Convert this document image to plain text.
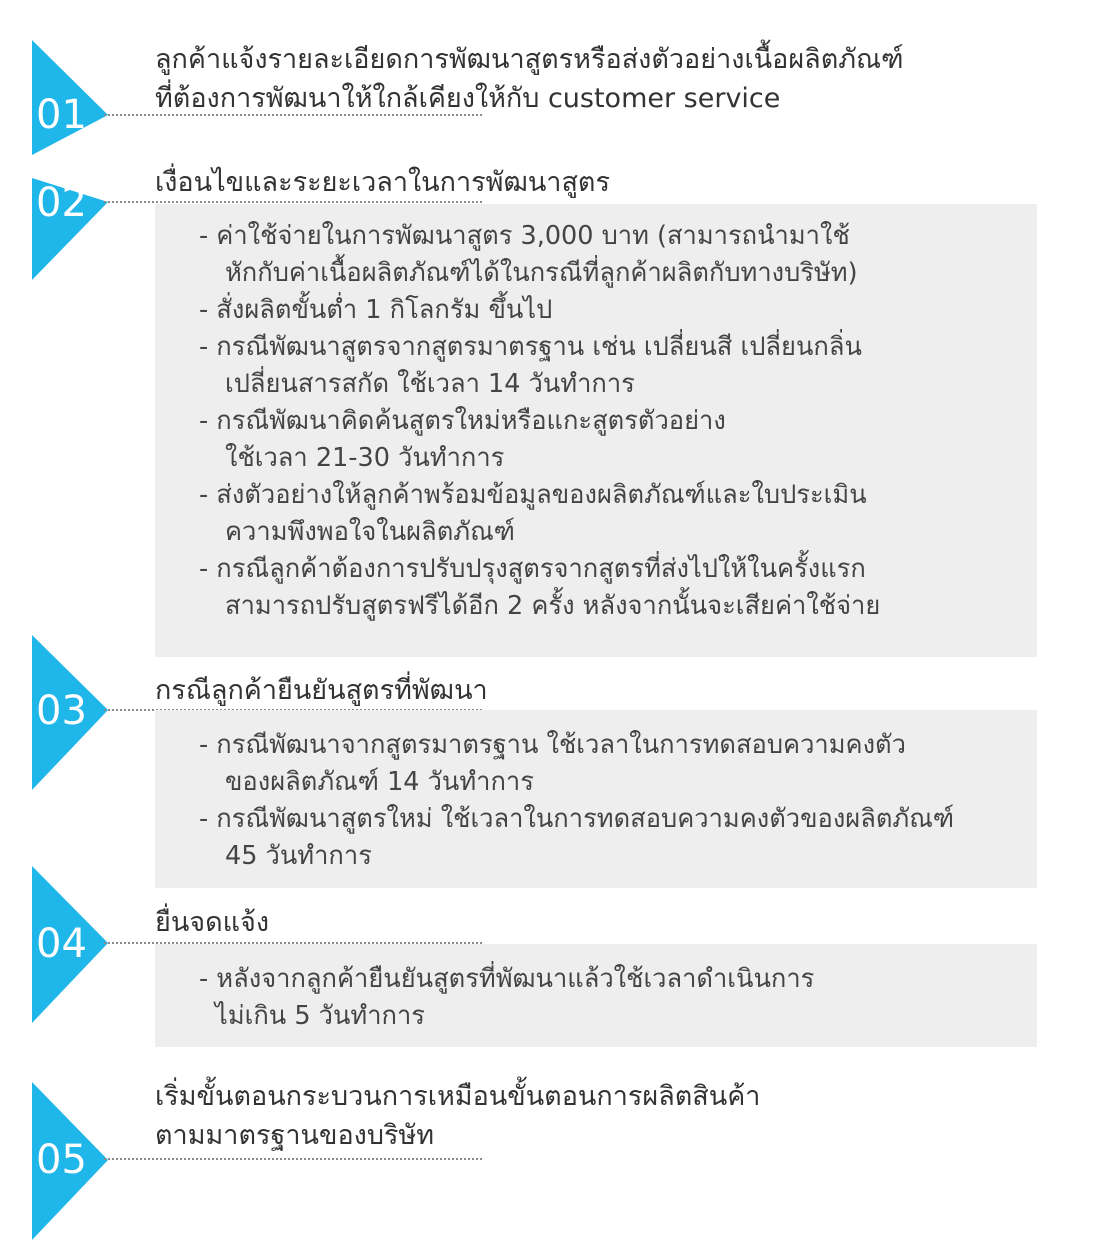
01
ลูกค้าแจ้งรายละเอียดการพัฒนาสูตรหรือส่งตัวอย่างเนื้อผลิตภัณฑ์
ที่ต้องการพัฒนาให้ใกล้เคียงให้กับ customer service
02	เงื่อนไขและระยะเวลาในการพัฒนาสูตร
- ค่าใช้จ่ายในการพัฒนาสูตร 3,000 บาท (สามารถนำมาใช้
หักกับค่าเนื้อผลิตภัณฑ์ได้ในกรณีที่ลูกค้าผลิตกับทางบริษัท)
- สั่งผลิตขั้นต่ำ 1 กิโลกรัม ขึ้นไป
- กรณีพัฒนาสูตรจากสูตรมาตรฐาน เช่น เปลี่ยนสี เปลี่ยนกลิ่น
เปลี่ยนสารสกัด ใช้เวลา 14 วันทำการ
- กรณีพัฒนาคิดค้นสูตรใหม่หรือแกะสูตรตัวอย่าง
ใช้เวลา 21-30 วันทำการ
- ส่งตัวอย่างให้ลูกค้าพร้อมข้อมูลของผลิตภัณฑ์และใบประเมิน
ความพึงพอใจในผลิตภัณฑ์
- กรณีลูกค้าต้องการปรับปรุงสูตรจากสูตรที่ส่งไปให้ในครั้งแรก
สามารถปรับสูตรฟรีได้อีก 2 ครั้ง หลังจากนั้นจะเสียค่าใช้จ่าย
03	กรณีลูกค้ายืนยันสูตรที่พัฒนา
- กรณีพัฒนาจากสูตรมาตรฐาน ใช้เวลาในการทดสอบความคงตัว
ของผลิตภัณฑ์ 14 วันทำการ
- กรณีพัฒนาสูตรใหม่ ใช้เวลาในการทดสอบความคงตัวของผลิตภัณฑ์
45 วันทำการ
04	ยื่นจดแจ้ง
- หลังจากลูกค้ายืนยันสูตรที่พัฒนาแล้วใช้เวลาดำเนินการ
ไม่เกิน 5 วันทำการ
05
เริ่มขั้นตอนกระบวนการเหมือนขั้นตอนการผลิตสินค้า
ตามมาตรฐานของบริษัท
